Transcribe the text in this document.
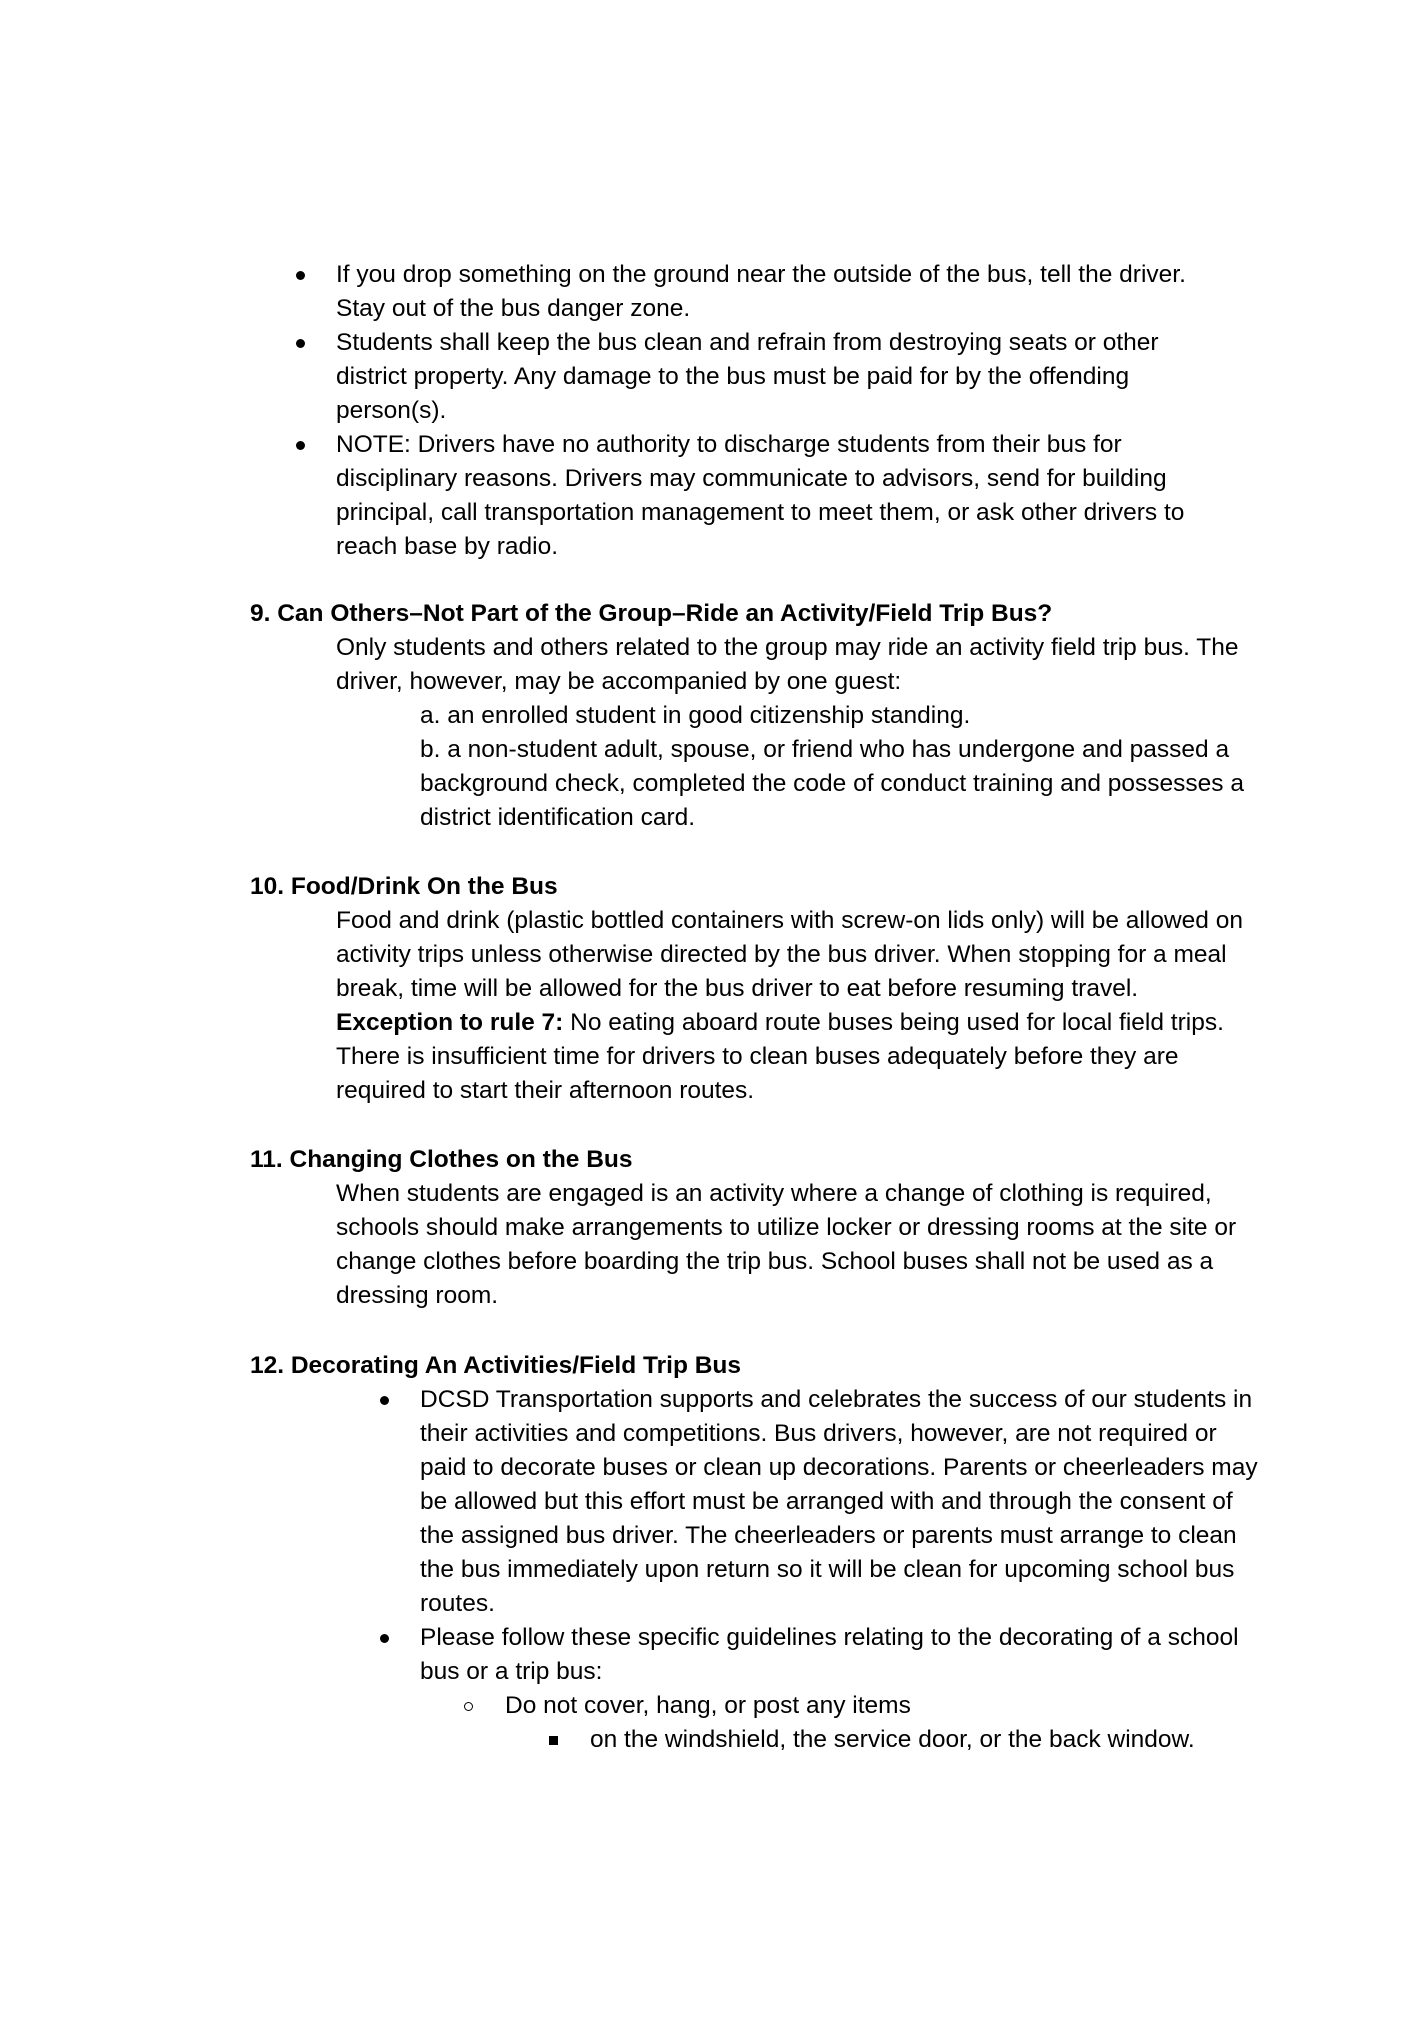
If you drop something on the ground near the outside of the bus, tell the driver. Stay out of the bus danger zone.

Students shall keep the bus clean and refrain from destroying seats or other district property. Any damage to the bus must be paid for by the offending person(s).

NOTE: Drivers have no authority to discharge students from their bus for disciplinary reasons. Drivers may communicate to advisors, send for building principal, call transportation management to meet them, or ask other drivers to reach base by radio.

9. Can Others–Not Part of the Group–Ride an Activity/Field Trip Bus?
Only students and others related to the group may ride an activity field trip bus. The driver, however, may be accompanied by one guest:
a. an enrolled student in good citizenship standing.

b. a non-student adult, spouse, or friend who has undergone and passed a background check, completed the code of conduct training and possesses a district identification card.

10. Food/Drink On the Bus
Food and drink (plastic bottled containers with screw-on lids only) will be allowed on activity trips unless otherwise directed by the bus driver. When stopping for a meal break, time will be allowed for the bus driver to eat before resuming travel. Exception to rule 7: No eating aboard route buses being used for local field trips. There is insufficient time for drivers to clean buses adequately before they are required to start their afternoon routes.
11. Changing Clothes on the Bus
When students are engaged is an activity where a change of clothing is required, schools should make arrangements to utilize locker or dressing rooms at the site or change clothes before boarding the trip bus. School buses shall not be used as a dressing room.
12. Decorating An Activities/Field Trip Bus

DCSD Transportation supports and celebrates the success of our students in their activities and competitions. Bus drivers, however, are not required or paid to decorate buses or clean up decorations. Parents or cheerleaders may be allowed but this effort must be arranged with and through the consent of the assigned bus driver. The cheerleaders or parents must arrange to clean the bus immediately upon return so it will be clean for upcoming school bus routes.

Please follow these specific guidelines relating to the decorating of a school bus or a trip bus:

Do not cover, hang, or post any items

on the windshield, the service door, or the back window.
